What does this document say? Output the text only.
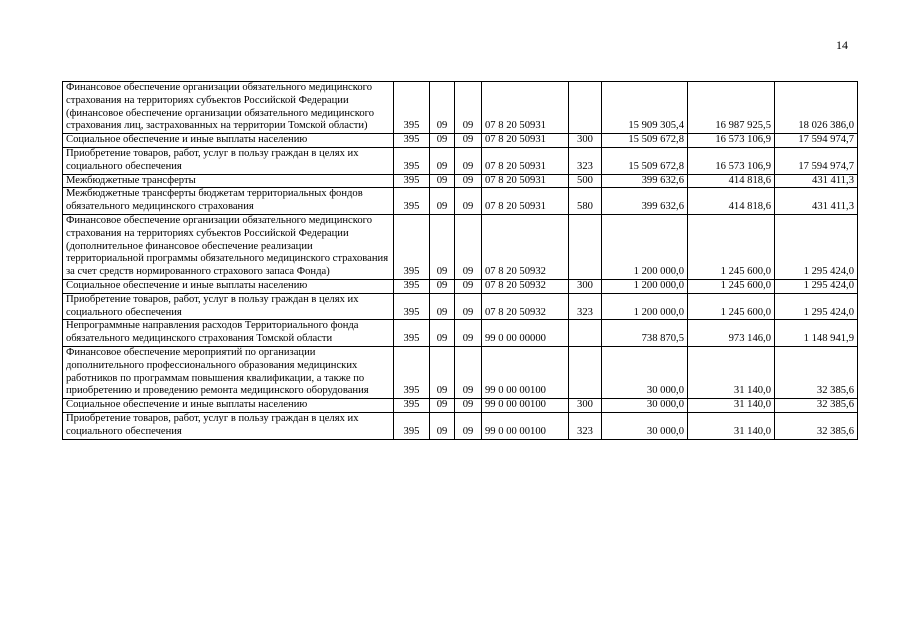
14
Финансовое обеспечение организации обязательного медицинского страхования на территориях субъектов Российской Федерации (финансовое обеспечение организации обязательного медицинского страхования лиц, застрахованных на территории Томской области)	395	09	09	07 8 20 50931		15 909 305,4	16 987 925,5	18 026 386,0
Социальное обеспечение и иные выплаты населению	395	09	09	07 8 20 50931	300	15 509 672,8	16 573 106,9	17 594 974,7
Приобретение товаров, работ, услуг в пользу граждан в целях их социального обеспечения	395	09	09	07 8 20 50931	323	15 509 672,8	16 573 106,9	17 594 974,7
Межбюджетные трансферты	395	09	09	07 8 20 50931	500	399 632,6	414 818,6	431 411,3
Межбюджетные трансферты бюджетам территориальных фондов обязательного медицинского страхования	395	09	09	07 8 20 50931	580	399 632,6	414 818,6	431 411,3
Финансовое обеспечение организации обязательного медицинского страхования на территориях субъектов Российской Федерации (дополнительное финансовое обеспечение реализации территориальной программы обязательного медицинского страхования за счет средств нормированного страхового запаса Фонда)	395	09	09	07 8 20 50932		1 200 000,0	1 245 600,0	1 295 424,0
Социальное обеспечение и иные выплаты населению	395	09	09	07 8 20 50932	300	1 200 000,0	1 245 600,0	1 295 424,0
Приобретение товаров, работ, услуг в пользу граждан в целях их социального обеспечения	395	09	09	07 8 20 50932	323	1 200 000,0	1 245 600,0	1 295 424,0
Непрограммные направления расходов Территориального фонда обязательного медицинского страхования Томской области	395	09	09	99 0 00 00000		738 870,5	973 146,0	1 148 941,9
Финансовое обеспечение мероприятий по организации дополнительного профессионального образования медицинских работников по программам повышения квалификации, а также по приобретению и проведению ремонта медицинского оборудования	395	09	09	99 0 00 00100		30 000,0	31 140,0	32 385,6
Социальное обеспечение и иные выплаты населению	395	09	09	99 0 00 00100	300	30 000,0	31 140,0	32 385,6
Приобретение товаров, работ, услуг в пользу граждан в целях их социального обеспечения	395	09	09	99 0 00 00100	323	30 000,0	31 140,0	32 385,6
